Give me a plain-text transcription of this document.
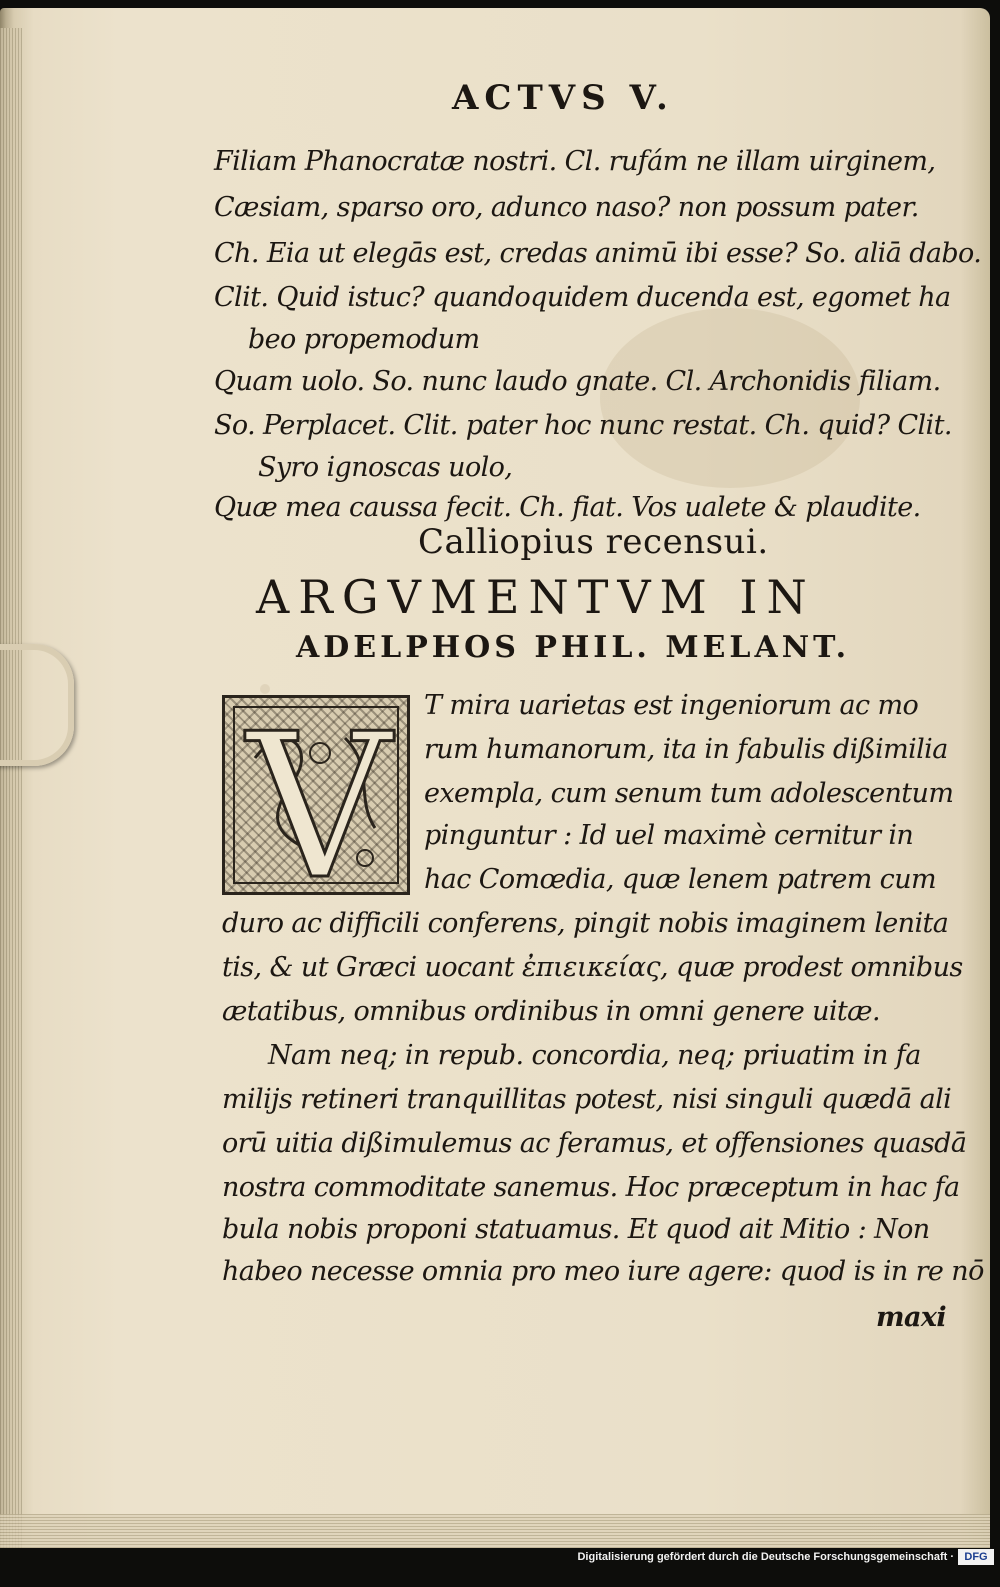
ACTVS V.
Filiam Phanocratæ nostri. Cl. rufám ne illam uirginem,
Cæsiam, sparso oro, adunco naso? non possum pater.
Ch. Eia ut elegās est, credas animū ibi esse? So. aliā dabo.
Clit. Quid istuc? quandoquidem ducenda est, egomet ha
beo propemodum
Quam uolo. So. nunc laudo gnate. Cl. Archonidis filiam.
So. Perplacet. Clit. pater hoc nunc restat. Ch. quid? Clit.
Syro ignoscas uolo,
Quæ mea caussa fecit. Ch. fiat. Vos ualete & plaudite.
Calliopius recensui.
ARGVMENTVM IN
ADELPHOS PHIL. MELANT.
V T mira uarietas est ingeniorum ac mo
rum humanorum, ita in fabulis dißimilia
exempla, cum senum tum adolescentum
pinguntur : Id uel maximè cernitur in
hac Comœdia, quæ lenem patrem cum
duro ac difficili conferens, pingit nobis imaginem lenita
tis, & ut Græci uocant ἐπιεικείας, quæ prodest omnibus
ætatibus, omnibus ordinibus in omni genere uitæ.
Nam neq; in repub. concordia, neq; priuatim in fa
milijs retineri tranquillitas potest, nisi singuli quædā ali
orū uitia dißimulemus ac feramus, et offensiones quasdā
nostra commoditate sanemus. Hoc præceptum in hac fa
bula nobis proponi statuamus. Et quod ait Mitio : Non
habeo necesse omnia pro meo iure agere: quod is in re nō
maxi
Digitalisierung gefördert durch die Deutsche Forschungsgemeinschaft · DFG
